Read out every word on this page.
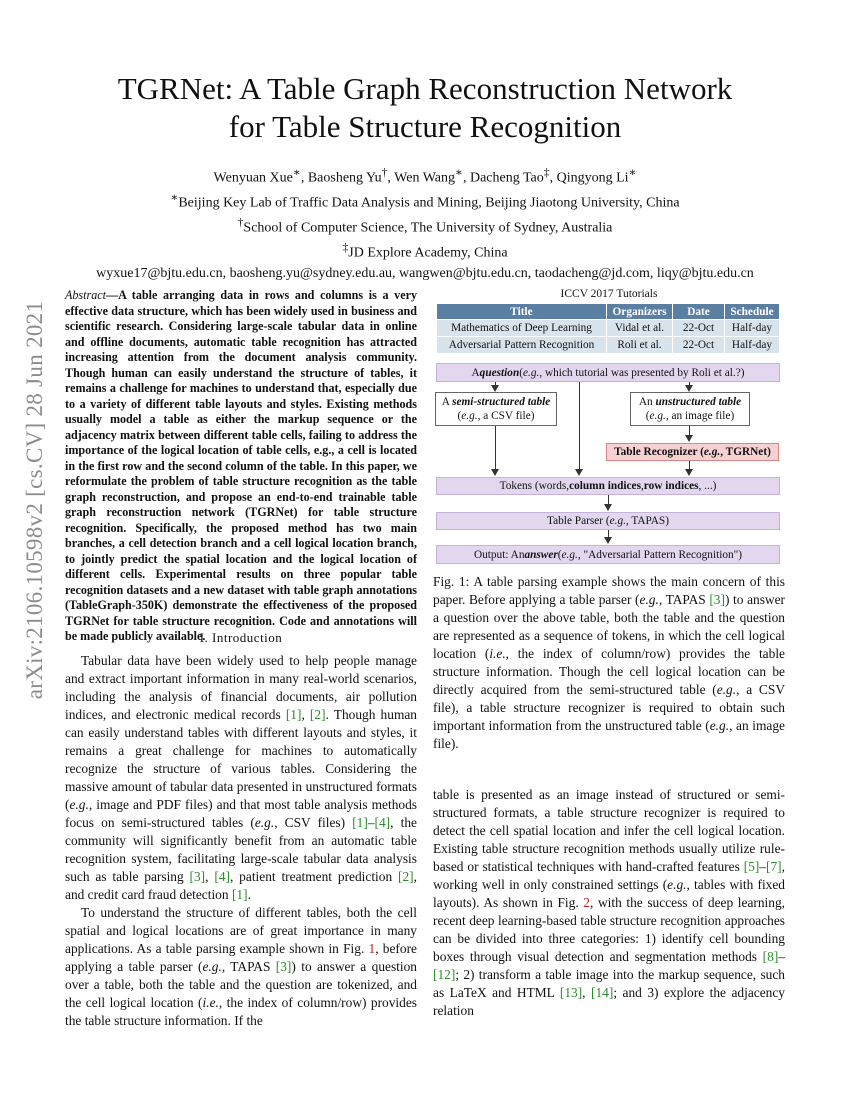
arXiv:2106.10598v2 [cs.CV] 28 Jun 2021
TGRNet: A Table Graph Reconstruction Network
for Table Structure Recognition
Wenyuan Xue∗, Baosheng Yu†, Wen Wang∗, Dacheng Tao‡, Qingyong Li∗
∗Beijing Key Lab of Traffic Data Analysis and Mining, Beijing Jiaotong University, China
†School of Computer Science, The University of Sydney, Australia
‡JD Explore Academy, China
wyxue17@bjtu.edu.cn, baosheng.yu@sydney.edu.au, wangwen@bjtu.edu.cn, taodacheng@jd.com, liqy@bjtu.edu.cn
Abstract—A table arranging data in rows and columns is a very effective data structure, which has been widely used in business and scientific research. Considering large-scale tabular data in online and offline documents, automatic table recognition has attracted increasing attention from the document analysis community. Though human can easily understand the structure of tables, it remains a challenge for machines to understand that, especially due to a variety of different table layouts and styles. Existing methods usually model a table as either the markup sequence or the adjacency matrix between different table cells, failing to address the importance of the logical location of table cells, e.g., a cell is located in the first row and the second column of the table. In this paper, we reformulate the problem of table structure recognition as the table graph reconstruction, and propose an end-to-end trainable table graph reconstruction network (TGRNet) for table structure recognition. Specifically, the proposed method has two main branches, a cell detection branch and a cell logical location branch, to jointly predict the spatial location and the logical location of different cells. Experimental results on three popular table recognition datasets and a new dataset with table graph annotations (TableGraph-350K) demonstrate the effectiveness of the proposed TGRNet for table structure recognition. Code and annotations will be made publicly available.
I. Introduction

Tabular data have been widely used to help people manage and extract important information in many real-world scenarios, including the analysis of financial documents, air pollution indices, and electronic medical records [1], [2]. Though human can easily understand tables with different layouts and styles, it remains a great challenge for machines to automatically recognize the structure of various tables. Considering the massive amount of tabular data presented in unstructured formats (e.g., image and PDF files) and that most table analysis methods focus on semi-structured tables (e.g., CSV files) [1]–[4], the community will significantly benefit from an automatic table recognition system, facilitating large-scale tabular data analysis such as table parsing [3], [4], patient treatment prediction [2], and credit card fraud detection [1].

To understand the structure of different tables, both the cell spatial and logical locations are of great importance in many applications. As a table parsing example shown in Fig. 1, before applying a table parser (e.g., TAPAS [3]) to answer a question over a table, both the table and the question are tokenized, and the cell logical location (i.e., the index of column/row) provides the table structure information. If the

ICCV 2017 Tutorials
Title	Organizers	Date	Schedule
Mathematics of Deep Learning	Vidal et al.	22-Oct	Half-day
Adversarial Pattern Recognition	Roli et al.	22-Oct	Half-day
A question ( e.g. , which tutorial was presented by Roli et al.?)
A semi-structured table
(e.g., a CSV file)
An unstructured table
(e.g., an image file)
Table Recognizer ( e.g. , TGRNet)
Tokens (words, column indices , row indices , ...)
Table Parser ( e.g. , TAPAS)
Output: An answer ( e.g. , "Adversarial Pattern Recognition")
Fig. 1: A table parsing example shows the main concern of this paper. Before applying a table parser (e.g., TAPAS [3]) to answer a question over the above table, both the table and the question are represented as a sequence of tokens, in which the cell logical location (i.e., the index of column/row) provides the table structure information. Though the cell logical location can be directly acquired from the semi-structured table (e.g., a CSV file), a table structure recognizer is required to obtain such important information from the unstructured table (e.g., an image file).
table is presented as an image instead of structured or semi-structured formats, a table structure recognizer is required to detect the cell spatial location and infer the cell logical location. Existing table structure recognition methods usually utilize rule-based or statistical techniques with hand-crafted features [5]–[7], working well in only constrained settings (e.g., tables with fixed layouts). As shown in Fig. 2, with the success of deep learning, recent deep learning-based table structure recognition approaches can be divided into three categories: 1) identify cell bounding boxes through visual detection and segmentation methods [8]–[12]; 2) transform a table image into the markup sequence, such as LaTeX and HTML [13], [14]; and 3) explore the adjacency relation
